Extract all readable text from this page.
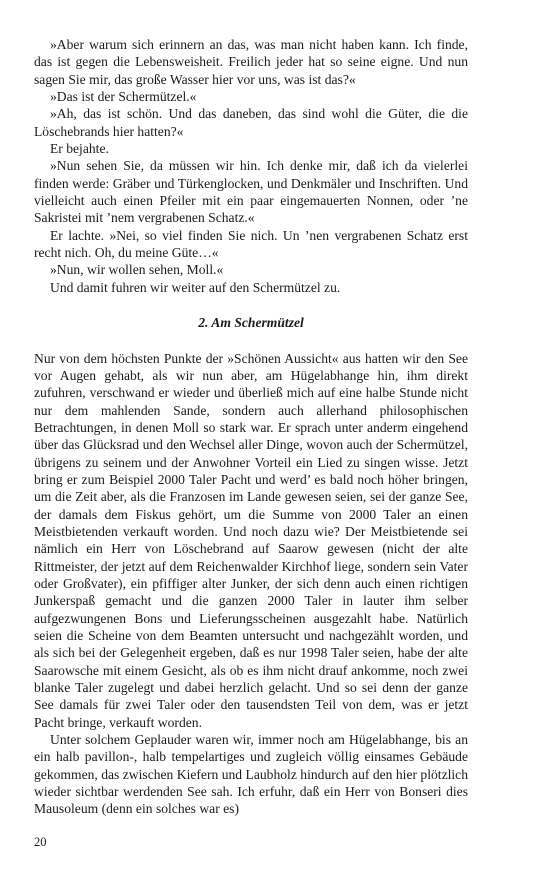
»Aber warum sich erinnern an das, was man nicht haben kann. Ich finde, das ist gegen die Lebensweisheit. Freilich jeder hat so seine eigne. Und nun sagen Sie mir, das große Wasser hier vor uns, was ist das?«

»Das ist der Schermützel.«

»Ah, das ist schön. Und das daneben, das sind wohl die Güter, die die Löschebrands hier hatten?«

Er bejahte.

»Nun sehen Sie, da müssen wir hin. Ich denke mir, daß ich da vielerlei finden werde: Gräber und Türkenglocken, und Denkmäler und Inschriften. Und vielleicht auch einen Pfeiler mit ein paar eingemauerten Nonnen, oder ’ne Sakristei mit ’nem vergrabenen Schatz.«

Er lachte. »Nei, so viel finden Sie nich. Un ’nen vergrabenen Schatz erst recht nich. Oh, du meine Güte…«

»Nun, wir wollen sehen, Moll.«

Und damit fuhren wir weiter auf den Schermützel zu.

2. Am Schermützel

Nur von dem höchsten Punkte der »Schönen Aussicht« aus hatten wir den See vor Augen gehabt, als wir nun aber, am Hügelabhange hin, ihm direkt zufuhren, verschwand er wieder und überließ mich auf eine halbe Stunde nicht nur dem mahlenden Sande, sondern auch allerhand philosophischen Betrachtungen, in denen Moll so stark war. Er sprach unter anderm eingehend über das Glücksrad und den Wechsel aller Dinge, wovon auch der Schermützel, übrigens zu seinem und der Anwohner Vorteil ein Lied zu singen wisse. Jetzt bring er zum Beispiel 2000 Taler Pacht und werd’ es bald noch höher bringen, um die Zeit aber, als die Franzosen im Lande gewesen seien, sei der ganze See, der damals dem Fiskus gehört, um die Summe von 2000 Taler an einen Meistbietenden verkauft worden. Und noch dazu wie? Der Meistbietende sei nämlich ein Herr von Löschebrand auf Saarow gewesen (nicht der alte Rittmeister, der jetzt auf dem Reichenwalder Kirchhof liege, sondern sein Vater oder Großvater), ein pfiffiger alter Junker, der sich denn auch einen richtigen Junkerspaß gemacht und die ganzen 2000 Taler in lauter ihm selber aufgezwungenen Bons und Lieferungsscheinen ausgezahlt habe. Natürlich seien die Scheine von dem Beamten untersucht und nachgezählt worden, und als sich bei der Gelegenheit ergeben, daß es nur 1998 Taler seien, habe der alte Saarowsche mit einem Gesicht, als ob es ihm nicht drauf ankomme, noch zwei blanke Taler zugelegt und dabei herzlich gelacht. Und so sei denn der ganze See damals für zwei Taler oder den tausendsten Teil von dem, was er jetzt Pacht bringe, verkauft worden.

Unter solchem Geplauder waren wir, immer noch am Hügelabhange, bis an ein halb pavillon-, halb tempelartiges und zugleich völlig einsames Gebäude gekommen, das zwischen Kiefern und Laubholz hindurch auf den hier plötzlich wieder sichtbar werdenden See sah. Ich erfuhr, daß ein Herr von Bonseri dies Mausoleum (denn ein solches war es)

20
